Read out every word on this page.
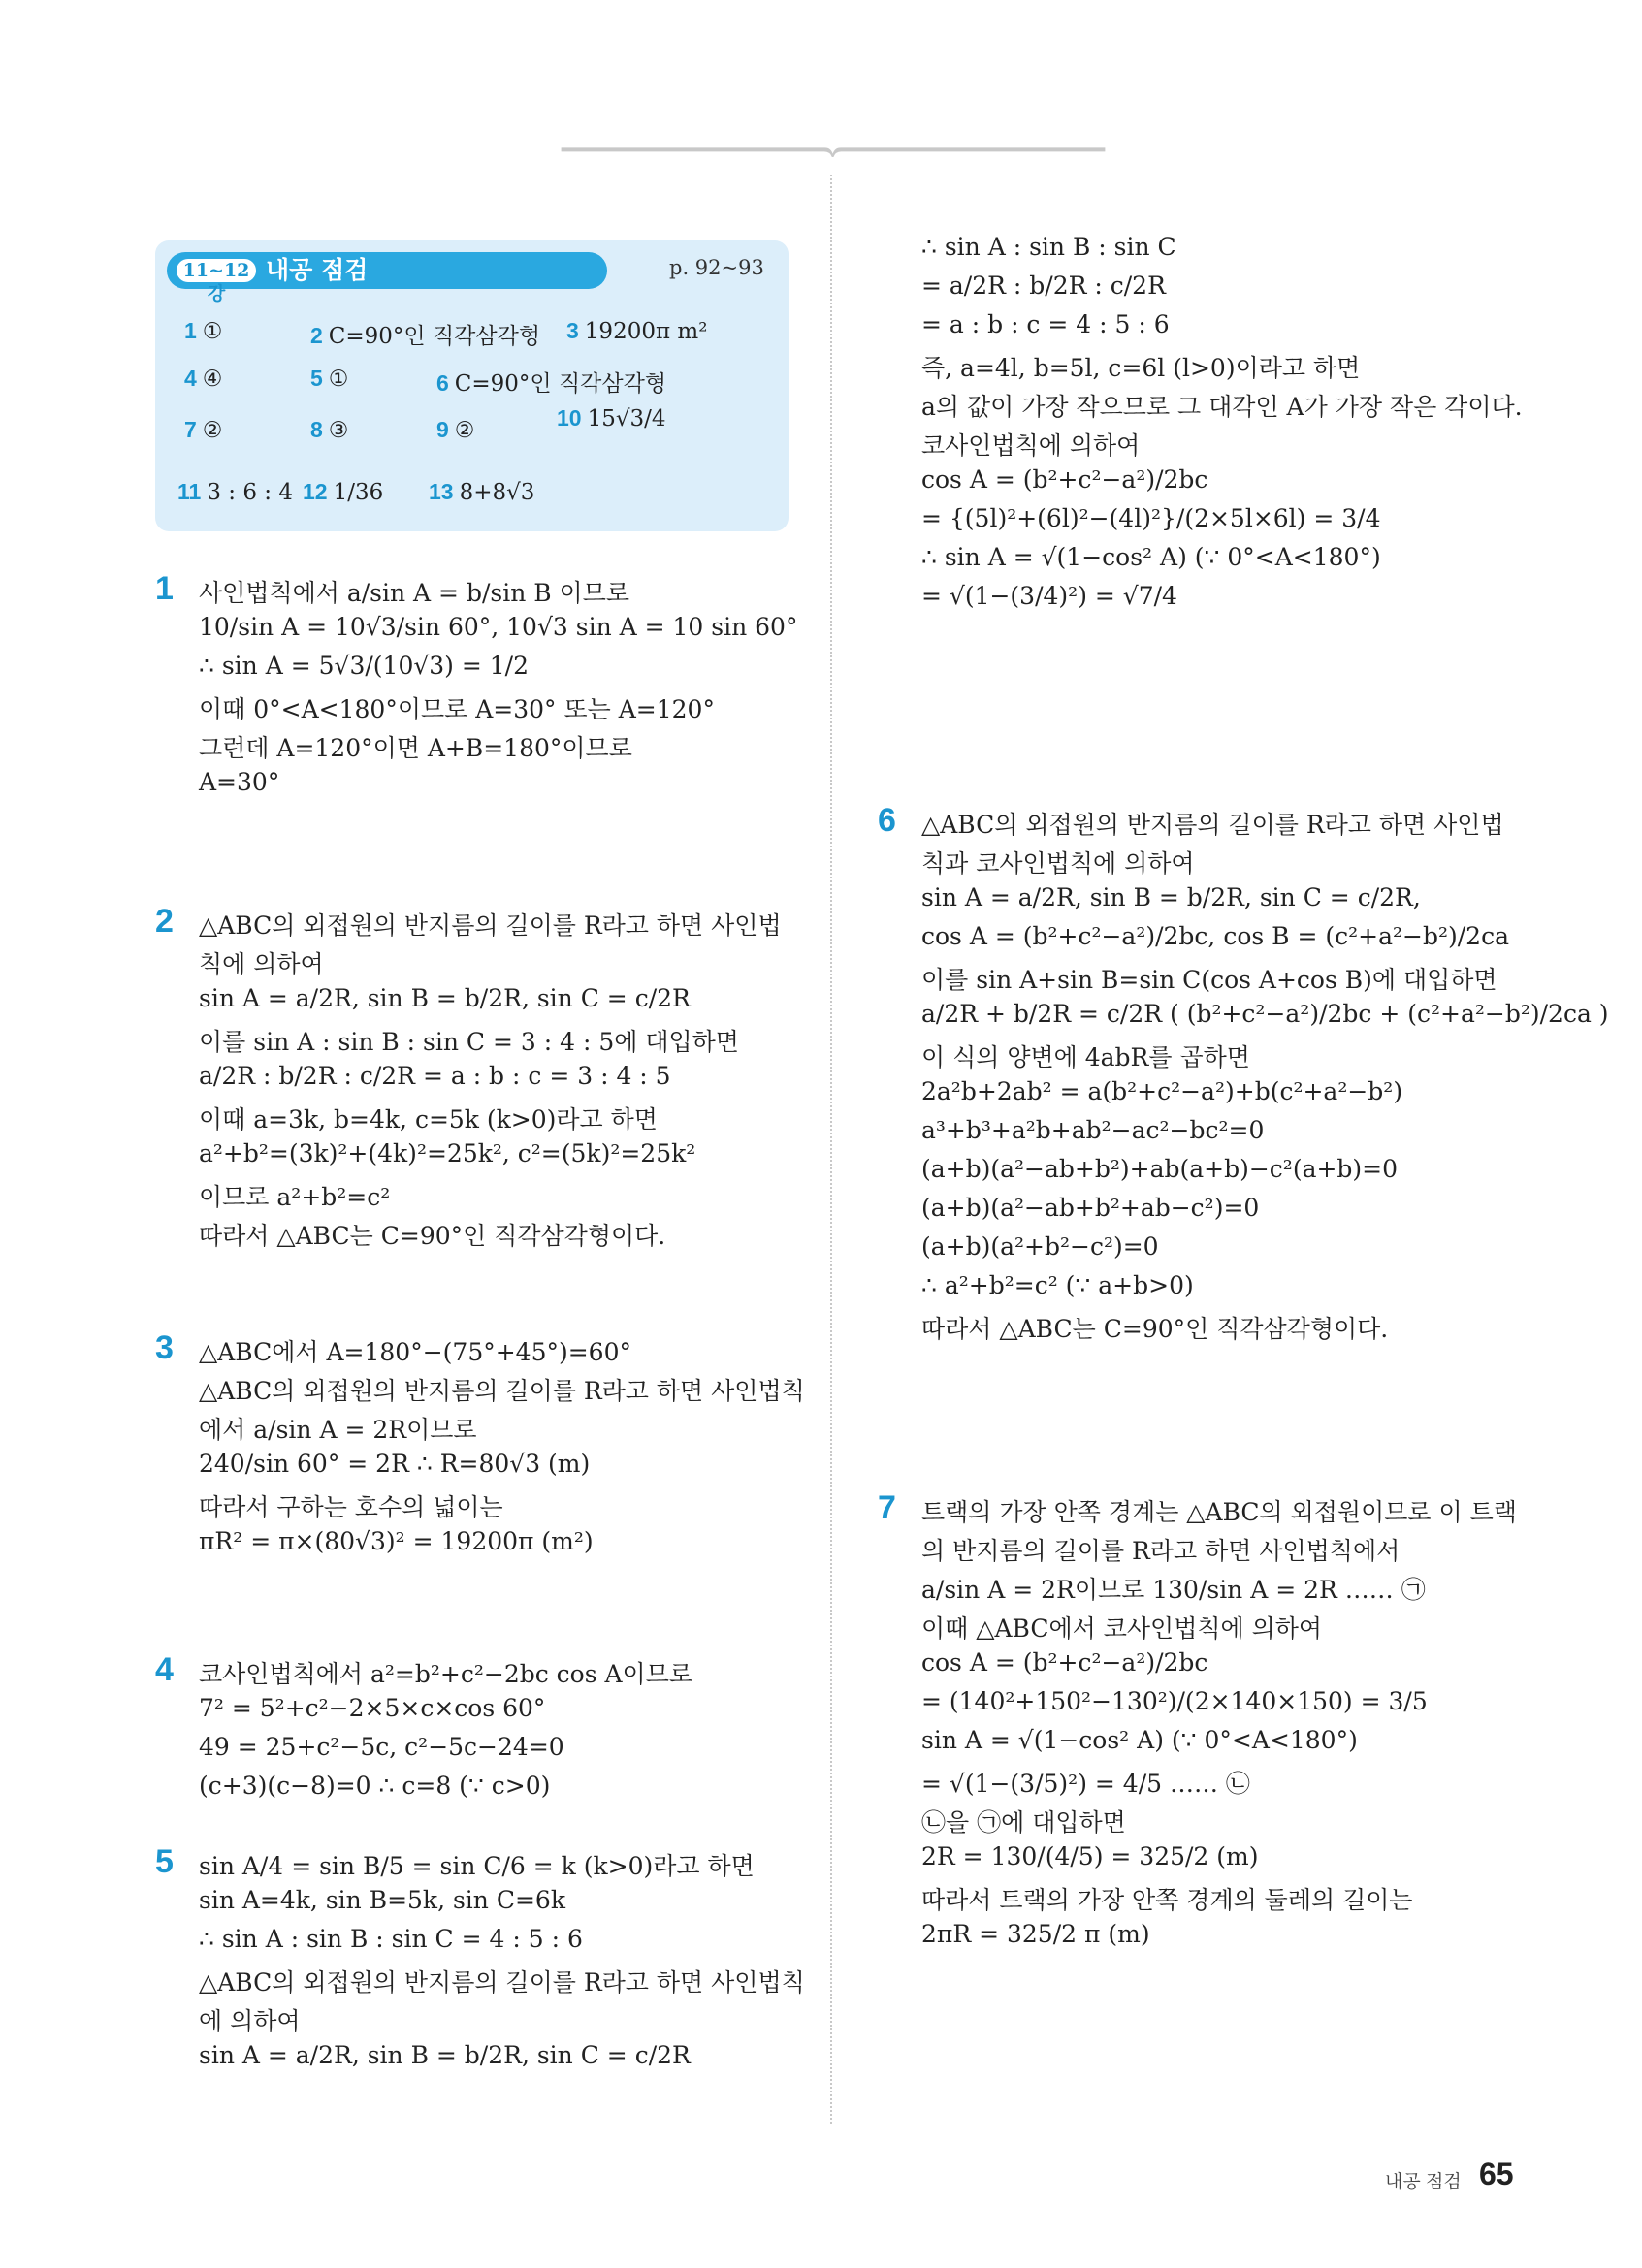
11~12강
내공 점검	p. 92~93
1 ①	2 C=90°인 직각삼각형 3 19200π m²
4 ④	5 ①	6 C=90°인 직각삼각형
7 ②	8 ③	9 ②	10 15√3/4
11 3 : 6 : 4 12 1/36 13 8+8√3
1 사인법칙에서 a/sin A = b/sin B 이므로
10/sin A = 10√3/sin 60°, 10√3 sin A = 10 sin 60°
∴ sin A = 5√3/(10√3) = 1/2
이때 0°<A<180°이므로 A=30° 또는 A=120°
그런데 A=120°이면 A+B=180°이므로
A=30°
2 △ABC의 외접원의 반지름의 길이를 R라고 하면 사인법
칙에 의하여
sin A = a/2R, sin B = b/2R, sin C = c/2R
이를 sin A : sin B : sin C = 3 : 4 : 5에 대입하면
a/2R : b/2R : c/2R = a : b : c = 3 : 4 : 5
이때 a=3k, b=4k, c=5k (k>0)라고 하면
a²+b²=(3k)²+(4k)²=25k², c²=(5k)²=25k²
이므로 a²+b²=c²
따라서 △ABC는 C=90°인 직각삼각형이다.
3 △ABC에서 A=180°−(75°+45°)=60°
△ABC의 외접원의 반지름의 길이를 R라고 하면 사인법칙
에서 a/sin A = 2R이므로
240/sin 60° = 2R ∴ R=80√3 (m)
따라서 구하는 호수의 넓이는
πR² = π×(80√3)² = 19200π (m²)
4 코사인법칙에서 a²=b²+c²−2bc cos A이므로
7² = 5²+c²−2×5×c×cos 60°
49 = 25+c²−5c, c²−5c−24=0
(c+3)(c−8)=0 ∴ c=8 (∵ c>0)
5 sin A/4 = sin B/5 = sin C/6 = k (k>0)라고 하면
sin A=4k, sin B=5k, sin C=6k
∴ sin A : sin B : sin C = 4 : 5 : 6
△ABC의 외접원의 반지름의 길이를 R라고 하면 사인법칙
에 의하여
sin A = a/2R, sin B = b/2R, sin C = c/2R
∴ sin A : sin B : sin C
= a/2R : b/2R : c/2R
= a : b : c = 4 : 5 : 6
즉, a=4l, b=5l, c=6l (l>0)이라고 하면
a의 값이 가장 작으므로 그 대각인 A가 가장 작은 각이다.
코사인법칙에 의하여
cos A = (b²+c²−a²)/2bc
= {(5l)²+(6l)²−(4l)²}/(2×5l×6l) = 3/4
∴ sin A = √(1−cos² A) (∵ 0°<A<180°)
= √(1−(3/4)²) = √7/4
6 △ABC의 외접원의 반지름의 길이를 R라고 하면 사인법
칙과 코사인법칙에 의하여
sin A = a/2R, sin B = b/2R, sin C = c/2R,
cos A = (b²+c²−a²)/2bc, cos B = (c²+a²−b²)/2ca
이를 sin A+sin B=sin C(cos A+cos B)에 대입하면
a/2R + b/2R = c/2R ( (b²+c²−a²)/2bc + (c²+a²−b²)/2ca )
이 식의 양변에 4abR를 곱하면
2a²b+2ab² = a(b²+c²−a²)+b(c²+a²−b²)
a³+b³+a²b+ab²−ac²−bc²=0
(a+b)(a²−ab+b²)+ab(a+b)−c²(a+b)=0
(a+b)(a²−ab+b²+ab−c²)=0
(a+b)(a²+b²−c²)=0
∴ a²+b²=c² (∵ a+b>0)
따라서 △ABC는 C=90°인 직각삼각형이다.
7 트랙의 가장 안쪽 경계는 △ABC의 외접원이므로 이 트랙
의 반지름의 길이를 R라고 하면 사인법칙에서
a/sin A = 2R이므로 130/sin A = 2R …… ㉠
이때 △ABC에서 코사인법칙에 의하여
cos A = (b²+c²−a²)/2bc
= (140²+150²−130²)/(2×140×150) = 3/5
sin A = √(1−cos² A) (∵ 0°<A<180°)
= √(1−(3/5)²) = 4/5 …… ㉡
㉡을 ㉠에 대입하면
2R = 130/(4/5) = 325/2 (m)
따라서 트랙의 가장 안쪽 경계의 둘레의 길이는
2πR = 325/2 π (m)
내공 점검 65
